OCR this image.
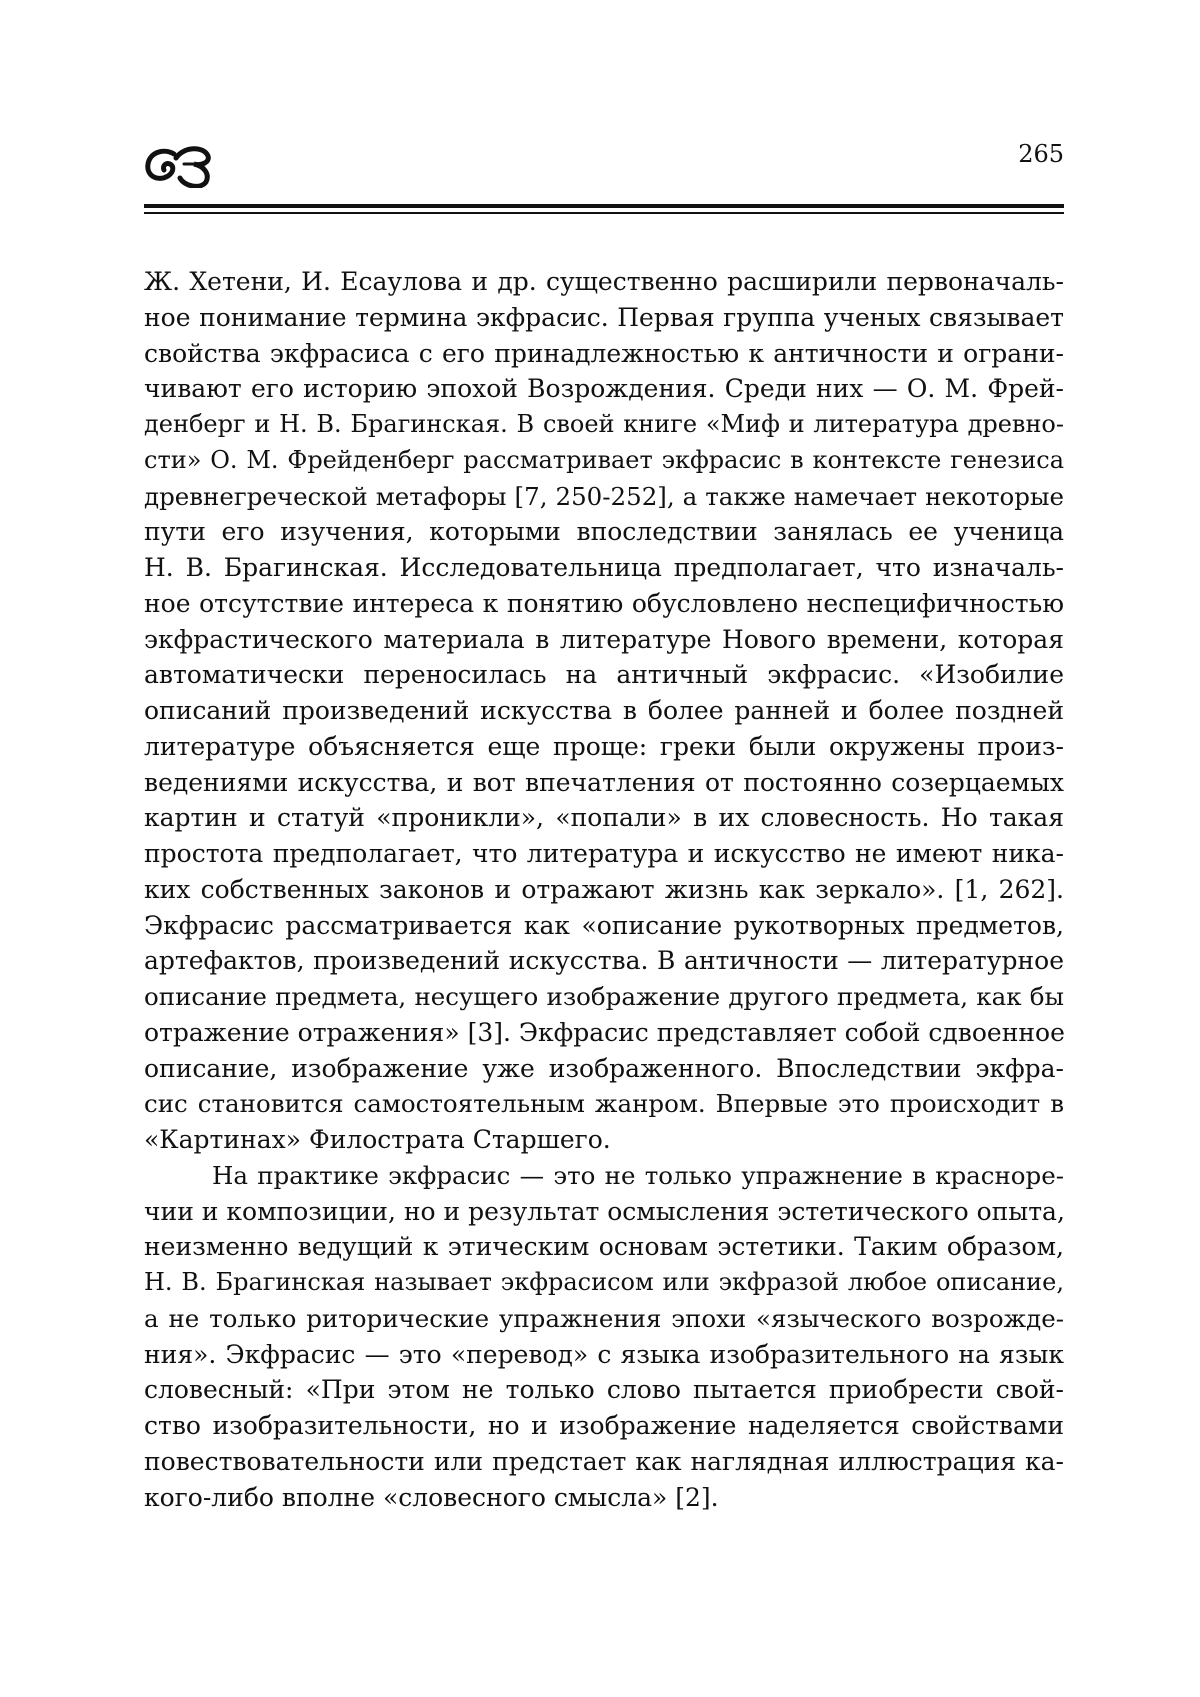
265
Ж. Хетени, И. Есаулова и др. существенно расширили первоначаль-
ное понимание термина экфрасис. Первая группа ученых связывает
свойства экфрасиса с его принадлежностью к античности и ограни-
чивают его историю эпохой Возрождения. Среди них — О. М. Фрей-
денберг и Н. В. Брагинская. В своей книге «Миф и литература древно-
сти» О. М. Фрейденберг рассматривает экфрасис в контексте генезиса
древнегреческой метафоры [7, 250-252], а также намечает некоторые
пути его изучения, которыми впоследствии занялась ее ученица
Н. В. Брагинская. Исследовательница предполагает, что изначаль-
ное отсутствие интереса к понятию обусловлено неспецифичностью
экфрастического материала в литературе Нового времени, которая
автоматически переносилась на античный экфрасис. «Изобилие
описаний произведений искусства в более ранней и более поздней
литературе объясняется еще проще: греки были окружены произ-
ведениями искусства, и вот впечатления от постоянно созерцаемых
картин и статуй «проникли», «попали» в их словесность. Но такая
простота предполагает, что литература и искусство не имеют ника-
ких собственных законов и отражают жизнь как зеркало». [1, 262].
Экфрасис рассматривается как «описание рукотворных предметов,
артефактов, произведений искусства. В античности — литературное
описание предмета, несущего изображение другого предмета, как бы
отражение отражения» [3]. Экфрасис представляет собой сдвоенное
описание, изображение уже изображенного. Впоследствии экфра-
сис становится самостоятельным жанром. Впервые это происходит в
«Картинах» Филострата Старшего.
На практике экфрасис — это не только упражнение в красноре-
чии и композиции, но и результат осмысления эстетического опыта,
неизменно ведущий к этическим основам эстетики. Таким образом,
Н. В. Брагинская называет экфрасисом или экфразой любое описание,
а не только риторические упражнения эпохи «языческого возрожде-
ния». Экфрасис — это «перевод» с языка изобразительного на язык
словесный: «При этом не только слово пытается приобрести свой-
ство изобразительности, но и изображение наделяется свойствами
повествовательности или предстает как наглядная иллюстрация ка-
кого-либо вполне «словесного смысла» [2].
